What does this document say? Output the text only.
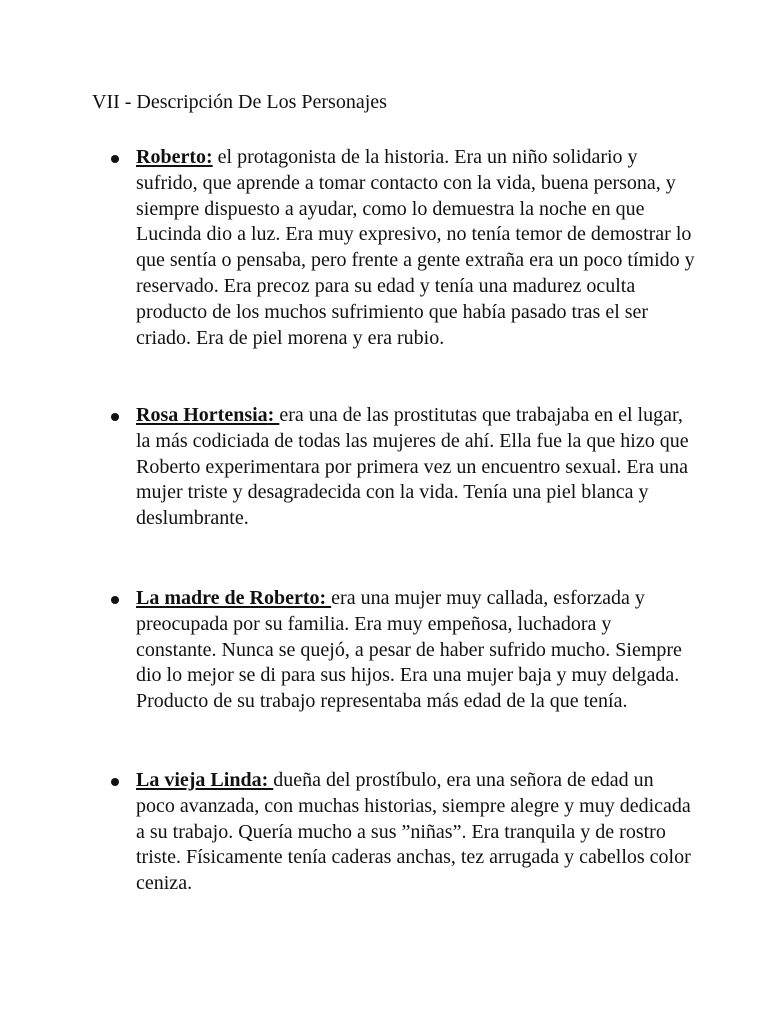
VII - Descripción De Los Personajes
Roberto: el protagonista de la historia. Era un niño solidario y sufrido, que aprende a tomar contacto con la vida, buena persona, y siempre dispuesto a ayudar, como lo demuestra la noche en que Lucinda dio a luz. Era muy expresivo, no tenía temor de demostrar lo que sentía o pensaba, pero frente a gente extraña era un poco tímido y reservado. Era precoz para su edad y tenía una madurez oculta producto de los muchos sufrimiento que había pasado tras el ser criado. Era de piel morena y era rubio.
Rosa Hortensia: era una de las prostitutas que trabajaba en el lugar, la más codiciada de todas las mujeres de ahí. Ella fue la que hizo que Roberto experimentara por primera vez un encuentro sexual. Era una mujer triste y desagradecida con la vida. Tenía una piel blanca y deslumbrante.
La madre de Roberto: era una mujer muy callada, esforzada y preocupada por su familia. Era muy empeñosa, luchadora y constante. Nunca se quejó, a pesar de haber sufrido mucho. Siempre dio lo mejor se di para sus hijos. Era una mujer baja y muy delgada. Producto de su trabajo representaba más edad de la que tenía.
La vieja Linda: dueña del prostíbulo, era una señora de edad un poco avanzada, con muchas historias, siempre alegre y muy dedicada a su trabajo. Quería mucho a sus ”niñas”. Era tranquila y de rostro triste. Físicamente tenía caderas anchas, tez arrugada y cabellos color ceniza.
